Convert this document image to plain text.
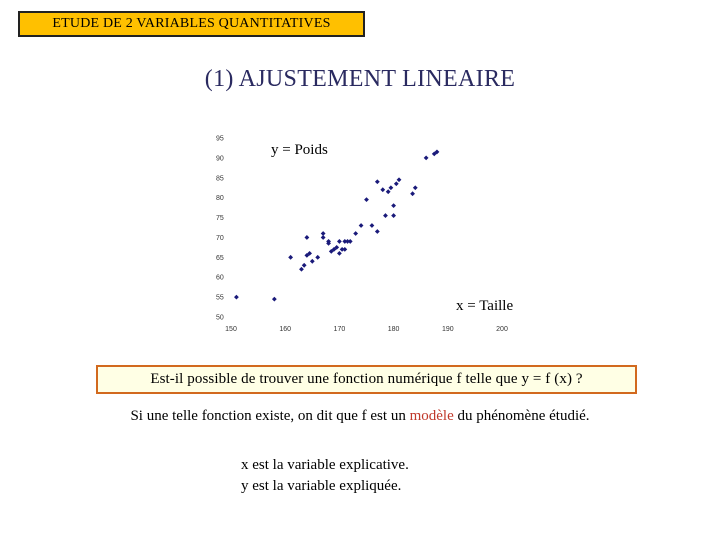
ETUDE DE 2 VARIABLES QUANTITATIVES
(1) AJUSTEMENT LINEAIRE
50
55
60
65
70
75
80
85
90
95
150	160	170	180	190	200
y = Poids
x = Taille
Est-il possible de trouver une fonction numérique f telle que y = f (x) ?
Si une telle fonction existe, on dit que f est un modèle du phénomène étudié.
x est la variable explicative.
y est la variable expliquée.
